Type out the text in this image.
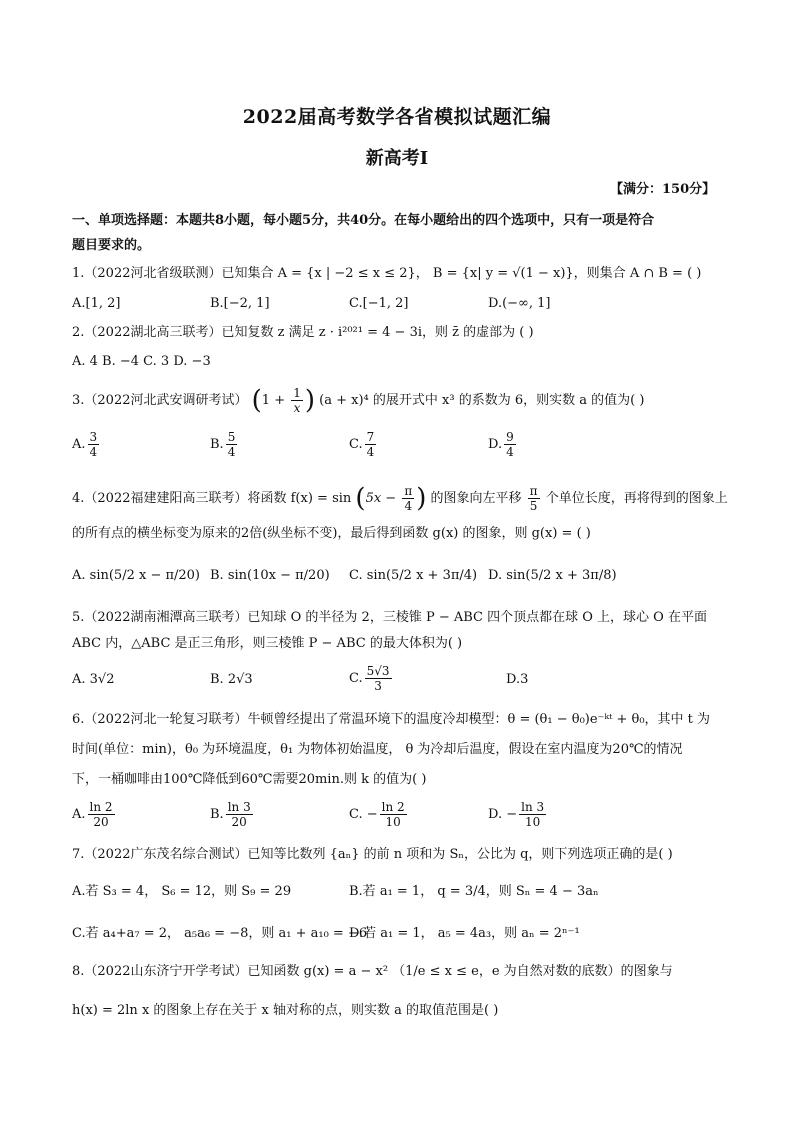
2022届高考数学各省模拟试题汇编
新高考I
【满分：150分】
一、单项选择题：本题共8小题，每小题5分，共40分。在每小题给出的四个选项中，只有一项是符合
题目要求的。
1.（2022河北省级联测）已知集合 A = {x | −2 ≤ x ≤ 2}， B = {x| y = √(1 − x)}，则集合 A ∩ B = ( )
A.[1, 2]	B.[−2, 1]	C.[−1, 2]	D.(−∞, 1]
2.（2022湖北高三联考）已知复数 z 满足 z · i²⁰²¹ = 4 − 3i，则 z̄ 的虚部为 ( )
A. 4 B. −4 C. 3 D. −3
3.（2022河北武安调研考试） ($1 + \frac{1}{x}$ ) (a + x)⁴ 的展开式中 x³ 的系数为 6，则实数 a 的值为( )
A. $\frac{3}{4}$	B. $\frac{5}{4}$	C. $\frac{7}{4}$	D. $\frac{9}{4}$
4.（2022福建建阳高三联考）将函数 $f(x) = \sin (5x - \frac{\pi}{4}$ ) 的图象向左平移 $\frac{\pi}{5}$ 个单位长度，再将得到的图象上
的所有点的横坐标变为原来的2倍(纵坐标不变)，最后得到函数 g(x) 的图象，则 g(x) = ( )
A. sin(5/2 x − π/20) B. sin(10x − π/20) C. sin(5/2 x + 3π/4) D. sin(5/2 x + 3π/8)
5.（2022湖南湘潭高三联考）已知球 O 的半径为 2，三棱锥 P − ABC 四个顶点都在球 O 上，球心 O 在平面
ABC 内，△ABC 是正三角形，则三棱锥 P − ABC 的最大体积为( )
A. 3√2	B. 2√3	C. $\frac{5√3}{3}$	D.3
6.（2022河北一轮复习联考）牛顿曾经提出了常温环境下的温度冷却模型：θ = (θ₁ − θ₀)e⁻ᵏᵗ + θ₀，其中 t 为
时间(单位：min)，θ₀ 为环境温度，θ₁ 为物体初始温度， θ 为冷却后温度，假设在室内温度为20℃的情况
下，一桶咖啡由100℃降低到60℃需要20min.则 k 的值为( )
A. $\frac{\ln 2}{20}$	B. $\frac{\ln 3}{20}$	C. − $\frac{\ln 2}{10}$	D. − $\frac{\ln 3}{10}$
7.（2022广东茂名综合测试）已知等比数列 {aₙ} 的前 n 项和为 Sₙ，公比为 q，则下列选项正确的是( )
A.若 S₃ = 4， S₆ = 12，则 S₉ = 29	B.若 a₁ = 1， q = 3/4，则 Sₙ = 4 − 3aₙ
C.若 a₄+a₇ = 2， a₅a₆ = −8，则 a₁ + a₁₀ = −6
D.若 a₁ = 1， a₅ = 4a₃，则 aₙ = 2ⁿ⁻¹
8.（2022山东济宁开学考试）已知函数 g(x) = a − x² （1/e ≤ x ≤ e，e 为自然对数的底数）的图象与
h(x) = 2ln x 的图象上存在关于 x 轴对称的点，则实数 a 的取值范围是( )
